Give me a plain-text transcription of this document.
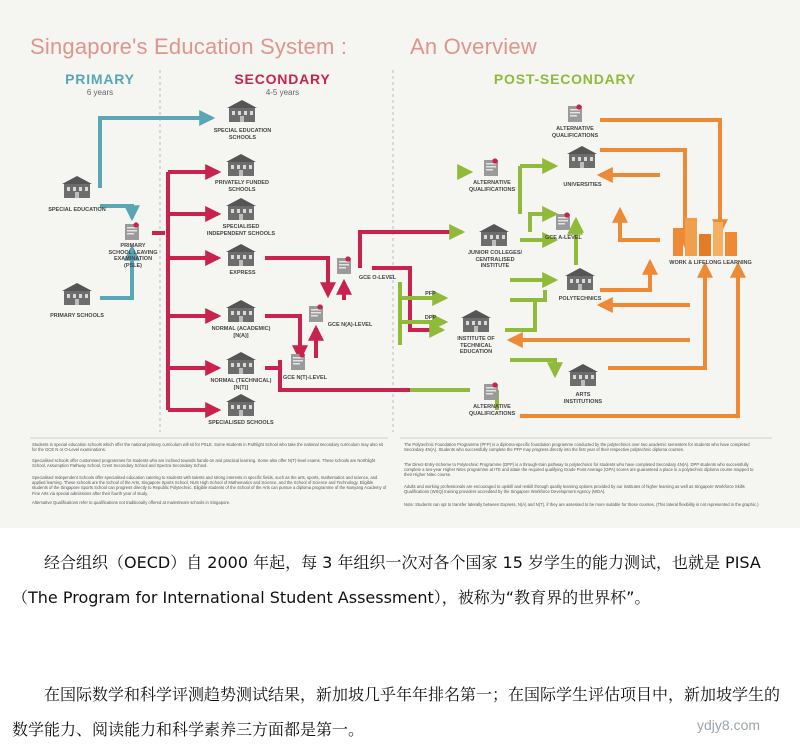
Singapore's Education System :	An Overview
PRIMARY
6 years
SECONDARY
4-5 years
POST-SECONDARY
SPECIAL EDUCATION
PRIMARY SCHOOLS
PRIMARY SCHOOL LEAVING EXAMINATION (PSLE)
SPECIAL EDUCATION SCHOOLS
PRIVATELY FUNDED SCHOOLS
SPECIALISED INDEPENDENT SCHOOLS
EXPRESS
NORMAL (ACADEMIC) [N(A)]
NORMAL (TECHNICAL) [N(T)]
SPECIALISED SCHOOLS
GCE O-LEVEL
GCE N(A)-LEVEL
GCE N(T)-LEVEL
ALTERNATIVE QUALIFICATIONS
ALTERNATIVE QUALIFICATIONS
ALTERNATIVE QUALIFICATIONS
UNIVERSITIES
GCE A-LEVEL
JUNIOR COLLEGES/ CENTRALISED INSTITUTE
POLYTECHNICS
PFP
DPP
INSTITUTE OF TECHNICAL EDUCATION
ARTS INSTITUTIONS
WORK & LIFELONG LEARNING
Students in special education schools which offer the national primary curriculum will sit for PSLE. Some students in Pathlight School who take the national secondary curriculum may also sit for the GCE N or O-Level examinations.
Specialised schools offer customised programmes for students who are inclined towards hands-on and practical learning. Some also offer N(T)-level exams. These schools are Northlight School, Assumption Pathway School, Crest Secondary School and Spectra Secondary School.
Specialised Independent Schools offer specialised education catering to students with talents and strong interests in specific fields, such as the arts, sports, mathematics and science, and applied learning. These schools are the School of the Arts, Singapore Sports School, NUS High School of Mathematics and Science, and the School of Science and Technology. Eligible students of the Singapore Sports School can progress directly to Republic Polytechnic. Eligible students of the School of the Arts can pursue a diploma programme of the Nanyang Academy of Fine Arts via special admissions after their fourth year of study.
Alternative Qualifications refer to qualifications not traditionally offered at mainstream schools in Singapore.
The Polytechnic Foundation Programme (PFP) is a diploma-specific foundation programme conducted by the polytechnics over two academic semesters for students who have completed Secondary 4N(A). Students who successfully complete the PFP may progress directly into the first year of their respective polytechnic diploma courses.
The Direct-Entry-Scheme to Polytechnic Programme (DPP) is a through-train pathway to polytechnics for students who have completed Secondary 4N(A). DPP students who successfully complete a two-year Higher Nitec programme at ITE and attain the required qualifying Grade Point Average (GPA) scores are guaranteed a place in a polytechnic diploma course mapped to their Higher Nitec course.
Adults and working professionals are encouraged to upskill and reskill through quality learning options provided by our institutes of higher learning as well as Singapore Workforce Skills Qualifications (WSQ) training providers accredited by the Singapore Workforce Development Agency (WDA).
Note: Students can opt to transfer laterally between Express, N(A) and N(T), if they are assessed to be more suitable for those courses. (This lateral flexibility is not represented in the graphic.)

经合组织（OECD）自 2000 年起，每 3 年组织一次对各个国家 15 岁学生的能力测试，也就是 PISA（The Program for International Student Assessment），被称为“教育界的世界杯”。

在国际数学和科学评测趋势测试结果，新加坡几乎年年排名第一；在国际学生评估项目中，新加坡学生的数学能力、阅读能力和科学素养三方面都是第一。	ydjy8.com
